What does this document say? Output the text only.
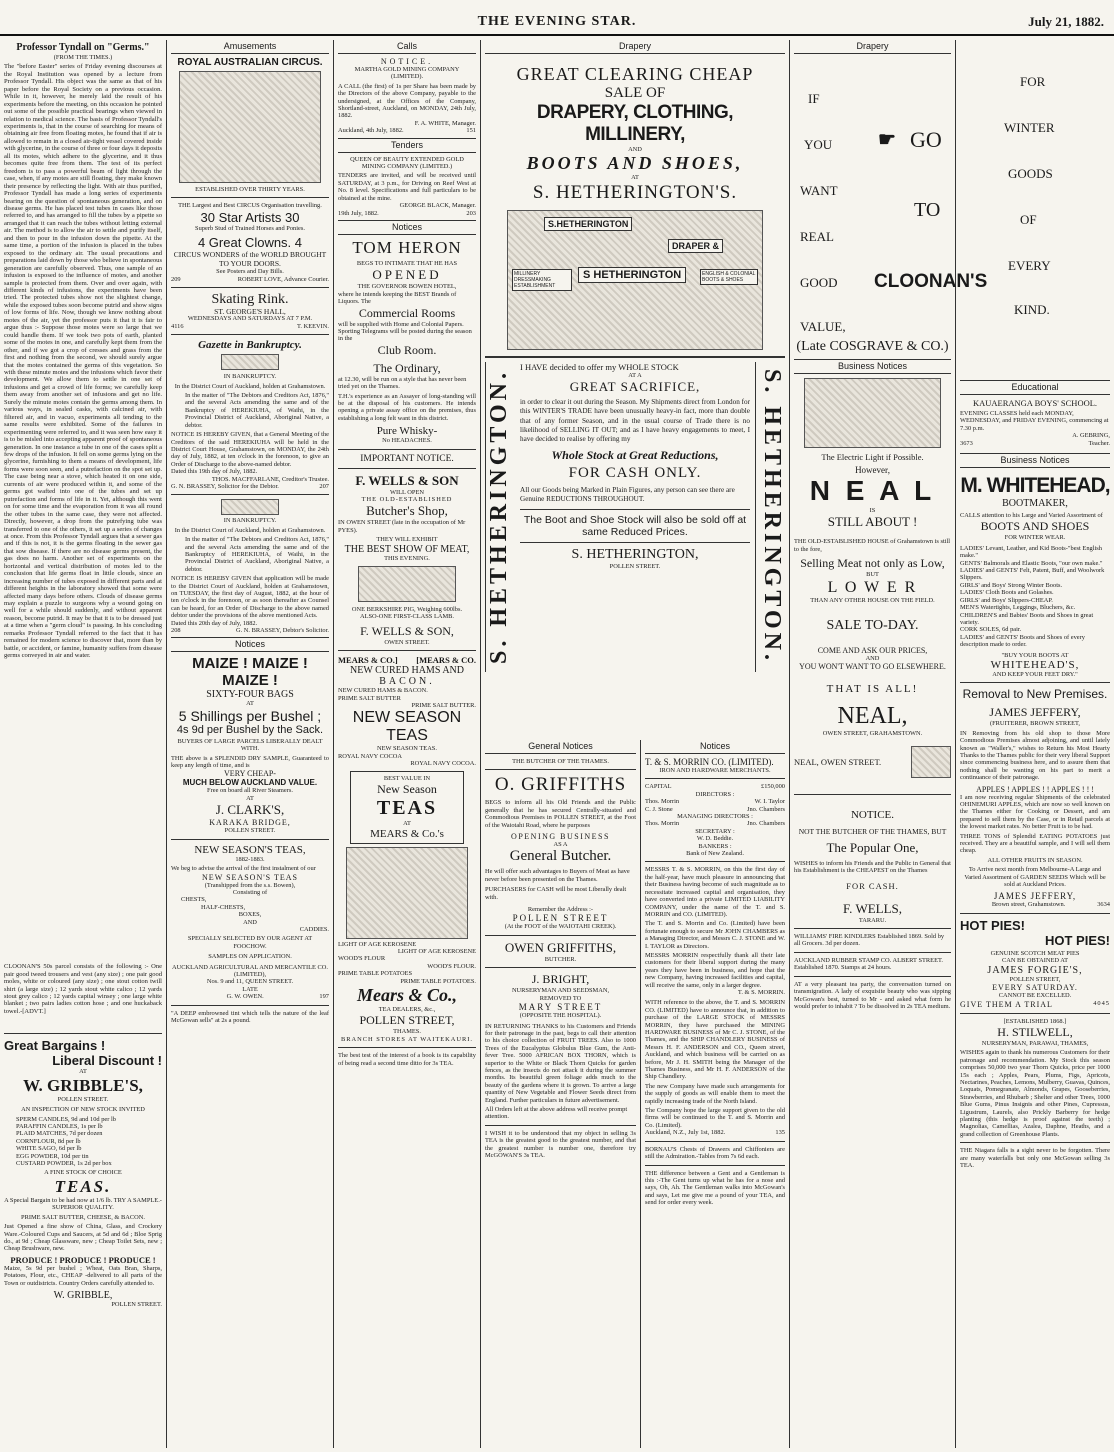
THE EVENING STAR.	July 21, 1882.
Professor Tyndall on "Germs."
(FROM THE TIMES.)
The "before Easter" series of Friday evening discourses at the Royal Institution was opened by a lecture from Professor Tyndall. His object was the same as that of his paper before the Royal Society on a previous occasion. While in it, however, he merely laid the result of his experiments before the meeting, on this occasion he pointed out some of the possible practical bearings when viewed in relation to medical science. The basis of Professor Tyndall's experiments is, that in the course of searching for means of obtaining air free from floating motes, he found that if air is allowed to remain in a closed air-tight vessel covered inside with glycerine, in the course of three or four days it deposits all its motes, which adhere to the glycerine, and it thus becomes quite free from them. The test of its perfect freedom is to pass a powerful beam of light through the case, when, if any motes are still floating, they make known their presence by reflecting the light. With air thus purified, Professor Tyndall has made a long series of experiments bearing on the question of spontaneous generation, and on disease germs. He has placed test tubes in cases like those referred to, and has arranged to fill the tubes by a pipette so arranged that it can reach the tubes without letting external air. The method is to allow the air to settle and purify itself, and then to pour in the infusion down the pipette. At the same time, a portion of the infusion is placed in the tubes exposed to the ordinary air. The usual precautions and preparations laid down by those who believe in spontaneous generation are carefully observed. Thus, one sample of an infusion is exposed to the influence of motes, and another sample is protected from them. Over and over again, with different kinds of infusions, the experiments have been tried. The protected tubes show not the slightest change, while the exposed tubes soon become putrid and show signs of low forms of life. Now, though we know nothing about motes of the air, yet the professor puts it that it is fair to argue thus :- Suppose those motes were so large that we could handle them. If we took two pots of earth, planted some of the motes in one, and carefully kept them from the other, and if we got a crop of cresses and grass from the first and nothing from the second, we should surely argue that the motes contained the germs of this vegetation. So with these minute motes and the infusions which favor their development. We allow them to settle in one set of infusions and get a crowd of life forms; we carefully keep them away from another set of infusions and get no life. Surely the minute motes contain the germs among them. In various ways, in sealed casks, with calcined air, with filtered air, and in vacuo, experiments all tending to the same results were exhibited. Some of the failures in experimenting were referred to, and it was seen how easy it is to be misled into accepting apparent proof of spontaneous generation. In one instance a tube in one of the cases split a few drops of the infusion. It fell on some germs lying on the glycerine, furnishing to them a means of development, life forms were soon seen, and a putrefaction on the spot set up. The case being near a stove, which heated it on one side, currents of air were produced within it, and some of the germs got wafted into one of the tubes and set up putrefaction and forms of life in it. Yet, although this went on for some time and the evaporation from it was all round the other tubes in the same case, they were not affected. Directly, however, a drop from the putrefying tube was transferred to one of the others, it set up a series of changes at once. From this Professor Tyndall argues that a sewer gas and if this is not, it is the germs floating in the sewer gas that sow disease. If there are no disease germs present, the gas does no harm. Another set of experiments on the horizontal and vertical distribution of motes led to the conclusion that life germs float in little clouds, since an increasing number of tubes exposed in different parts and at different heights in the laboratory showed that some were affected many days before others. Clouds of disease germs may explain a puzzle to surgeons why a wound going on well for a while should suddenly, and without apparent reason, become putrid. It may be that it is to be dressed just at a time when a "germ cloud" is passing. In his concluding remarks Professor Tyndall referred to the fact that it has remained for modern science to discover that, more than by battle, or accident, or famine, humanity suffers from disease germs conveyed in air and water.
CLOONAN'S 50s parcel consists of the following :- One pair good tweed trousers and vest (any size) ; one pair good moles, white or coloured (any size) ; one stout cotton twill shirt (a large size) ; 12 yards stout white calico ; 12 yards stout grey calico ; 12 yards capital winsey ; one large white blanket ; two pairs ladies cotton hose ; and one huckaback towel.-[ADVT.]
Great Bargains !
Liberal Discount !
AT
W. GRIBBLE'S,
POLLEN STREET.
AN INSPECTION OF NEW STOCK INVITED
SPERM CANDLES, 9d and 10d per lb
PARAFFIN CANDLES, 1s per lb
PLAID MATCHES, 7d per dozen
CORNFLOUR, 8d per lb
WHITE SAGO, 6d per lb
EGG POWDER, 10d per tin
CUSTARD POWDER, 1s 2d per box
A FINE STOCK OF CHOICE
TEAS.
A Special Bargain to be had now at 1/6 lb. TRY A SAMPLE.-SUPERIOR QUALITY.
PRIME SALT BUTTER, CHEESE, & BACON.
Just Opened a fine show of China, Glass, and Crockery Ware.-Coloured Cups and Saucers, at 5d and 6d ; Bloe Sprig do., at 9d ; Cheap Glassware, new ; Cheap Toilet Sets, new ; Cheap Brushware, new.
PRODUCE ! PRODUCE ! PRODUCE !
Maize, 5s 9d per bushel ; Wheat, Oats Bran, Sharps, Potatoes, Flour, etc., CHEAP -delivered to all parts of the Town or outdistricts. Country Orders carefully attended to.
W. GRIBBLE,
POLLEN STREET.
Amusements
ROYAL AUSTRALIAN CIRCUS.
ESTABLISHED OVER THIRTY YEARS.
THE Largest and Best CIRCUS Organisation travelling.
30 Star Artists 30
Superb Stud of Trained Horses and Ponies.
4 Great Clowns. 4
CIRCUS WONDERS of the WORLD BROUGHT TO YOUR DOORS.
See Posters and Day Bills.
209	ROBERT LOVE, Advance Courier.
Skating Rink.
ST. GEORGE'S HALL,
WEDNESDAYS AND SATURDAYS AT 7 P.M.
4116	T. KEEVIN.
Gazette in Bankruptcy.
IN BANKRUPTCY.
In the District Court of Auckland, holden at Grahamstown.
In the matter of "The Debtors and Creditors Act, 1876," and the several Acts amending the same and of the Bankruptcy of HEREKIUHA, of Waihi, in the Provincial District of Auckland, Aboriginal Native, a debtor.
NOTICE IS HEREBY GIVEN, that a General Meeting of the Creditors of the said HEREKIUHA will be held in the District Court House, Grahamstown, on MONDAY, the 24th day of July, 1882, at ten o'clock in the forenoon, to give an Order of Discharge to the above-named debtor.
Dated this 19th day of July, 1882.
THOS. MACFFARLANE, Creditor's Trustee.
G. N. BRASSEY, Solicitor for the Debtor.	207
IN BANKRUPTCY.
In the District Court of Auckland, holden at Grahamstown.
In the matter of "The Debtors and Creditors Act, 1876," and the several Acts amending the same and of the Bankruptcy of HEREKIUHA, of Waihi, in the Provincial District of Auckland, Aboriginal Native, a debtor.
NOTICE IS HEREBY GIVEN that application will be made to the District Court of Auckland, holden at Grahamstown, on TUESDAY, the first day of August, 1882, at the hour of ten o'clock in the forenoon, or as soon thereafter as Counsel can be heard, for an Order of Discharge to the above named debtor under the provisions of the above mentioned Acts.
Dated this 20th day of July, 1882.
208	G. N. BRASSEY, Debtor's Solicitor.
Notices
MAIZE ! MAIZE !
MAIZE !
SIXTY-FOUR BAGS
AT
5 Shillings per Bushel ;
4s 9d per Bushel by the Sack.
BUYERS OF LARGE PARCELS LIBERALLY DEALT WITH.
THE above is a SPLENDID DRY SAMPLE, Guaranteed to keep any length of time, and is
VERY CHEAP-
MUCH BELOW AUCKLAND VALUE.
Free on board all River Steamers.
AT
J. CLARK'S,
KARAKA BRIDGE,
POLLEN STREET.
NEW SEASON'S TEAS,
1882-1883.
We beg to advise the arrival of the first instalment of our
NEW SEASON'S TEAS
(Transhipped from the s.s. Bowen),
Consisting of
CHESTS,
HALF-CHESTS,
BOXES,
AND
CADDIES.
SPECIALLY SELECTED BY OUR AGENT AT FOOCHOW.
SAMPLES ON APPLICATION.
AUCKLAND AGRICULTURAL AND MERCANTILE CO. (LIMITED),
Nos. 9 and 11, QUEEN STREET.
LATE
G. W. OWEN.	197
"A DEEP embrowned tint which tells the nature of the leaf McGowan sells" at 2s a pound.
Calls
NOTICE.
MARTHA GOLD MINING COMPANY (LIMITED).
A CALL (the first) of 1s per Share has been made by the Directors of the above Company, payable to the undersigned, at the Offices of the Company, Shortland-street, Auckland, on MONDAY, 24th July, 1882.
F. A. WHITE, Manager.
Auckland, 4th July, 1882.	151
Tenders
QUEEN OF BEAUTY EXTENDED GOLD MINING COMPANY (LIMITED.)
TENDERS are invited, and will be received until SATURDAY, at 3 p.m., for Driving on Reef West at No. 8 level. Specifications and full particulars to be obtained at the mine.
GEORGE BLACK, Manager.
19th July, 1882.	203
Notices
TOM HERON
BEGS TO INTIMATE THAT HE HAS
OPENED
THE GOVERNOR BOWEN HOTEL,
where he intends keeping the BEST Brands of Liquors. The
Commercial Rooms
will be supplied with Home and Colonial Papers. Sporting Telegrams will be posted during the season in the
Club Room.
The Ordinary,
at 12.30, will be run on a style that has never been tried yet on the Thames.
T.H.'s experience as an Assayer of long-standing will be at the disposal of his customers. He intends opening a private assay office on the premises, thus establishing a long felt want in this district.
Pure Whisky-
No HEADACHES.
IMPORTANT NOTICE.
F. WELLS & SON
WILL OPEN
THE OLD-ESTABLISHED
Butcher's Shop,
IN OWEN STREET (late in the occupation of Mr PYES).
THEY WILL EXHIBIT
THE BEST SHOW OF MEAT,
THIS EVENING.
ONE BERKSHIRE PIG, Weighing 600lbs.
ALSO-ONE FIRST-CLASS LAMB.
F. WELLS & SON,
OWEN STREET.
MEARS & CO.] [MEARS & CO.
NEW CURED HAMS AND
BACON.
NEW CURED HAMS & BACON.
PRIME SALT BUTTER
PRIME SALT BUTTER.
NEW SEASON TEAS
NEW SEASON TEAS.
ROYAL NAVY COCOA
ROYAL NAVY COCOA.
BEST VALUE IN
New Season
TEAS
AT
MEARS & Co.'s
LIGHT OF AGE KEROSENE
LIGHT OF AGE KEROSENE
WOOD'S FLOUR
WOOD'S FLOUR.
PRIME TABLE POTATOES
PRIME TABLE POTATOES.
Mears & Co.,
TEA DEALERS, &c.,
POLLEN STREET,
THAMES.
BRANCH STORES AT WAITEKAURI.
The best test of the interest of a book is its capability of being read a second time ditto for 3s TEA.
Drapery
GREAT CLEARING CHEAP
SALE OF
DRAPERY, CLOTHING, MILLINERY,
AND
BOOTS AND SHOES,
AT
S. HETHERINGTON'S.
S.HETHERINGTON
DRAPER &
S HETHERINGTON
MILLINERY DRESSMAKING ESTABLISHMENT
ENGLISH & COLONIAL BOOTS & SHOES
S. HETHERINGTON.
I HAVE decided to offer my WHOLE STOCK
AT A
GREAT SACRIFICE,
in order to clear it out during the Season. My Shipments direct from London for this WINTER'S TRADE have been unusually heavy-in fact, more than double that of any former Season, and in the usual course of Trade there is no likelihood of SELLING IT OUT; and as I have heavy engagements to meet, I have decided to realise by offering my
Whole Stock at Great Reductions,
FOR CASH ONLY.
All our Goods being Marked in Plain Figures, any person can see there are Genuine REDUCTIONS THROUGHOUT.
The Boot and Shoe Stock will also be sold off at same Reduced Prices.
S. HETHERINGTON,
POLLEN STREET.	S. HETHERINGTON.
General Notices
THE BUTCHER OF THE THAMES.
O. GRIFFITHS
BEGS to inform all his Old Friends and the Public generally that he has secured Centrally-situated and Commodious Premises in POLLEN STREET, at the Foot of the Waiotahi Road, where he purposes
OPENING BUSINESS
AS A
General Butcher.
He will offer such advantages to Buyers of Meat as have never before been presented on the Thames.
PURCHASERS for CASH will be most Liberally dealt with.
Remember the Address :-
POLLEN STREET
(At the FOOT of the WAIOTAHI CREEK).
OWEN GRIFFITHS,
BUTCHER.
J. BRIGHT,
NURSERYMAN AND SEEDSMAN,
REMOVED TO
MARY STREET
(OPPOSITE THE HOSPITAL).
IN RETURNING THANKS to his Customers and Friends for their patronage in the past, begs to call their attention to his choice collection of FRUIT TREES. Also to 1000 Trees of the Eucalyptus Globulus Blue Gum, the Anti-fever Tree. 5000 AFRICAN BOX THORN, which is superior to the White or Black Thorn Quicks for garden fences, as the insects do not attack it during the summer months. Its beautiful green foliage adds much to the beauty of the gardens where it is grown. To arrive a large quantity of New Vegetable and Flower Seeds direct from England. Further particulars in future advertisement.
All Orders left at the above address will receive prompt attention.
I WISH it to be understood that my object in selling 3s TEA is the greatest good to the greatest number, and that the greatest number is number one, therefore try McGOWAN'S 3s TEA.
Notices
T. & S. MORRIN CO. (LIMITED).
IRON AND HARDWARE MERCHANTS.
CAPITAL	£150,000
DIRECTORS :
Thos. Morrin	W. I. Taylor
C. J. Stone	Jno. Chambers
MANAGING DIRECTORS :
Thos. Morrin	Jno. Chambers
SECRETARY :
W. D. Beddie.
BANKERS :
Bank of New Zealand.
MESSRS T. & S. MORRIN, on this the first day of the half-year, have much pleasure in announcing that their Business having become of such magnitude as to necessitate increased capital and organisation, they have converted into a private LIMITED LIABILITY COMPANY, under the name of the T. and S. MORRIN and CO. (LIMITED).
The T. and S. Morrin and Co. (Limited) have been fortunate enough to secure Mr JOHN CHAMBERS as a Managing Director, and Messrs C. J. STONE and W. I. TAYLOR as Directors.
MESSRS MORRIN respectfully thank all their late customers for their liberal support during the many years they have been in business, and hope that the new Company, having increased facilities and capital, will receive the same, only in a larger degree.
T. & S. MORRIN.
WITH reference to the above, the T. and S. MORRIN CO. (LIMITED) have to announce that, in addition to purchase of the LARGE STOCK of MESSRS MORRIN, they have purchased the MINING HARDWARE BUSINESS of Mr C. J. STONE, of the Thames, and the SHIP CHANDLERY BUSINESS of Messrs H. F. ANDERSON and CO., Queen street, Auckland, and which business will be carried on as before, Mr J. H. SMITH being the Manager of the Thames Business, and Mr H. F. ANDERSON of the Ship Chandlery.
The new Company have made such arrangements for the supply of goods as will enable them to meet the rapidly increasing trade of the North Island.
The Company hope the large support given to the old firms will be continued to the T. and S. Morrin and Co. (Limited).
Auckland, N.Z., July 1st, 1882.	135
BORNAU'S Chests of Drawers and Chiffoniers are still the Admiration.-Tables from 7s 6d each.
THE difference between a Gent and a Gentleman is this :-The Gent turns up what he has for a nose and says, Oh, Ah. The Gentleman walks into McGowan's and says, Let me give me a pound of your TEA, and send for order every week.
Drapery
IF
YOU
WANT
REAL
GOOD
VALUE,
☛ GO
TO
CLOONAN'S
(Late COSGRAVE & CO.)
Business Notices
The Electric Light if Possible.
However,
N E A L
IS
STILL ABOUT !
THE OLD-ESTABLISHED HOUSE of Grahamstown is still to the fore,
Selling Meat not only as Low,
BUT
L O W E R
THAN ANY OTHER HOUSE ON THE FIELD.
SALE TO-DAY.
COME AND ASK OUR PRICES,
AND
YOU WON'T WANT TO GO ELSEWHERE.
THAT IS ALL!
NEAL,
OWEN STREET, GRAHAMSTOWN.
NEAL, OWEN STREET.
NOTICE.
NOT THE BUTCHER OF THE THAMES, BUT
The Popular One,
WISHES to inform his Friends and the Public in General that his Establishment is the CHEAPEST on the Thames
FOR CASH.
F. WELLS,
TARARU.
WILLIAMS' FIRE KINDLERS Established 1869. Sold by all Grocers. 3d per dozen.
AUCKLAND RUBBER STAMP CO. ALBERT STREET. Established 1870. Stamps at 24 hours.
AT a very pleasant tea party, the conversation turned on transmigration. A lady of exquisite beauty who was sipping McGowan's best, turned to Mr - and asked what form he would prefer to inhabit ? To be dissolved in 2s TEA medium.
FOR
WINTER
GOODS
OF
EVERY
KIND.
Educational
KAUAERANGA BOYS' SCHOOL.
EVENING CLASSES held each MONDAY, WEDNESDAY, and FRIDAY EVENING, commencing at 7.30 p.m.
A. GEBRING,
3673	Teacher.
Business Notices
M. WHITEHEAD,
BOOTMAKER,
CALLS attention to his Large and Varied Assortment of
BOOTS AND SHOES
FOR WINTER WEAR.
LADIES' Levant, Leather, and Kid Boots-"best English make."
GENTS' Balmorals and Elastic Boots, "our own make."
LADIES' and GENTS' Felt, Patent, Buff, and Woolwork Slippers.
GIRLS' and Boys' Strong Winter Boots.
LADIES' Cloth Boots and Golashes.
GIRLS' and Boys' Slippers-CHEAP.
MEN'S Watertights, Leggings, Bluchers, &c.
CHILDREN'S and Babies' Boots and Shoes in great variety.
CORK SOLES, 6d pair.
LADIES' and GENTS' Boots and Shoes of every description made to order.
"BUY YOUR BOOTS AT
WHITEHEAD'S,
AND KEEP YOUR FEET DRY."
Removal to New Premises.
JAMES JEFFERY,
(FRUITERER, BROWN STREET,
IN Removing from his old shop to those More Commodious Premises almost adjoining, and until lately known as "Waller's," wishes to Return his Most Hearty Thanks to the Thames public for their very liberal Support since commencing business here, and to assure them that nothing shall be wanting on his part to merit a continuance of their patronage.
APPLES ! APPLES ! ! APPLES ! ! !
I am now receiving regular Shipments of the celebrated OHINEMURI APPLES, which are now so well known on the Thames either for Cooking or Dessert, and am prepared to sell them by the Case, or in Retail parcels at the lowest market rates. No better Fruit is to be had.
THREE TONS of Splendid EATING POTATOES just received. They are a beautiful sample, and I will sell them cheap.
ALL OTHER FRUITS IN SEASON.
To Arrive next month from Melbourne-A Large and Varied Assortment of GARDEN SEEDS Which will be sold at Auckland Prices.
JAMES JEFFERY,
Brown street, Grahamstown.	3634
HOT PIES!
HOT PIES!
GENUINE SCOTCH MEAT PIES
CAN BE OBTAINED AT
JAMES FORGIE'S,
POLLEN STREET,
EVERY SATURDAY.
CANNOT BE EXCELLED.
GIVE THEM A TRIAL	4045
[ESTABLISHED 1868.]
H. STILWELL,
NURSERYMAN, PARAWAI, THAMES,
WISHES again to thank his numerous Customers for their patronage and recommendation. My Stock this season comprises 50,000 two year Thorn Quicks, price per 1000 15s each ; Apples, Pears, Plums, Figs, Apricots, Nectarines, Peaches, Lemons, Mulberry, Guavas, Quinces, Loquats, Pomegranate, Almonds, Grapes, Gooseberries, Strawberries, and Rhubarb ; Shelter and other Trees, 1000 Blue Gums, Pinus Insignis and other Pines, Cupressus, Ligustrum, Laurels, also Prickly Barberry for hedge planting (this hedge is proof against the teeth) ; Magnolias, Camellias, Azalea, Daphne, Heaths, and a grand collection of Greenhouse Plants.
THE Niagara falls is a sight never to be forgotten. There are many waterfalls but only one McGowan selling 3s TEA.
